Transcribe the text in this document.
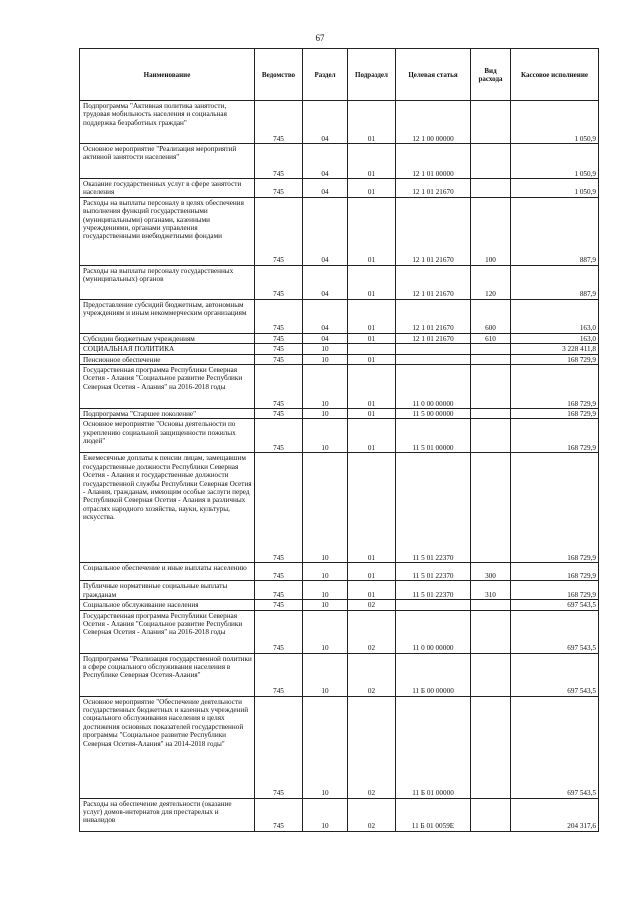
67
Наименование	Ведомство	Раздел	Подраздел	Целевая статья	Вид расхода	Кассовое исполнение
Подпрограмма "Активная политика занятости, трудовая мобильность населения и социальная поддержка безработных граждан"	745	04	01	12 1 00 00000		1 050,9
Основное мероприятие "Реализация мероприятий активной занятости населения"	745	04	01	12 1 01 00000		1 050,9
Оказание государственных услуг в сфере занятости населения	745	04	01	12 1 01 21670		1 050,9
Расходы на выплаты персоналу в целях обеспечения выполнения функций государственными (муниципальными) органами, казенными учреждениями, органами управления государственными внебюджетными фондами	745	04	01	12 1 01 21670	100	887,9
Расходы на выплаты персоналу государственных (муниципальных) органов	745	04	01	12 1 01 21670	120	887,9
Предоставление субсидий бюджетным, автономным учреждениям и иным некоммерческим организациям	745	04	01	12 1 01 21670	600	163,0
Субсидии бюджетным учреждениям	745	04	01	12 1 01 21670	610	163,0
СОЦИАЛЬНАЯ ПОЛИТИКА	745	10				3 228 411,8
Пенсионное обеспечение	745	10	01			168 729,9
Государственная программа Республики Северная Осетия - Алания "Социальное развитие Республики Северная Осетия - Алания" на 2016-2018 годы	745	10	01	11 0 00 00000		168 729,9
Подпрограмма "Старшее поколение"	745	10	01	11 5 00 00000		168 729,9
Основное мероприятие "Основы деятельности по укреплению социальной защищенности пожилых людей"	745	10	01	11 5 01 00000		168 729,9
Ежемесячные доплаты к пенсии лицам, замещавшим государственные должности Республики Северная Осетия - Алания и государственные должности государственной службы Республики Северная Осетия - Алания, гражданам, имеющим особые заслуги перед Республикой Северная Осетия - Алания в различных отраслях народного хозяйства, науки, культуры, искусства.	745	10	01	11 5 01 22370		168 729,9
Социальное обеспечение и иные выплаты населению	745	10	01	11 5 01 22370	300	168 729,9
Публичные нормативные социальные выплаты гражданам	745	10	01	11 5 01 22370	310	168 729,9
Социальное обслуживание населения	745	10	02			697 543,5
Государственная программа Республики Северная Осетия - Алания "Социальное развитие Республики Северная Осетия - Алания" на 2016-2018 годы	745	10	02	11 0 00 00000		697 543,5
Подпрограмма "Реализация государственной политики в сфере социального обслуживания населения в Республике Северная Осетия-Алания"	745	10	02	11 Б 00 00000		697 543,5
Основное мероприятие "Обеспечение деятельности государственных бюджетных и казенных учреждений социального обслуживания населения в целях достижения основных показателей государственной программы "Социальное развитие Республики Северная Осетия-Алания" на 2014-2018 годы"	745	10	02	11 Б 01 00000		697 543,5
Расходы на обеспечение деятельности (оказание услуг) домов-интернатов для престарелых и инвалидов	745	10	02	11 Б 01 0059Е		204 317,6
